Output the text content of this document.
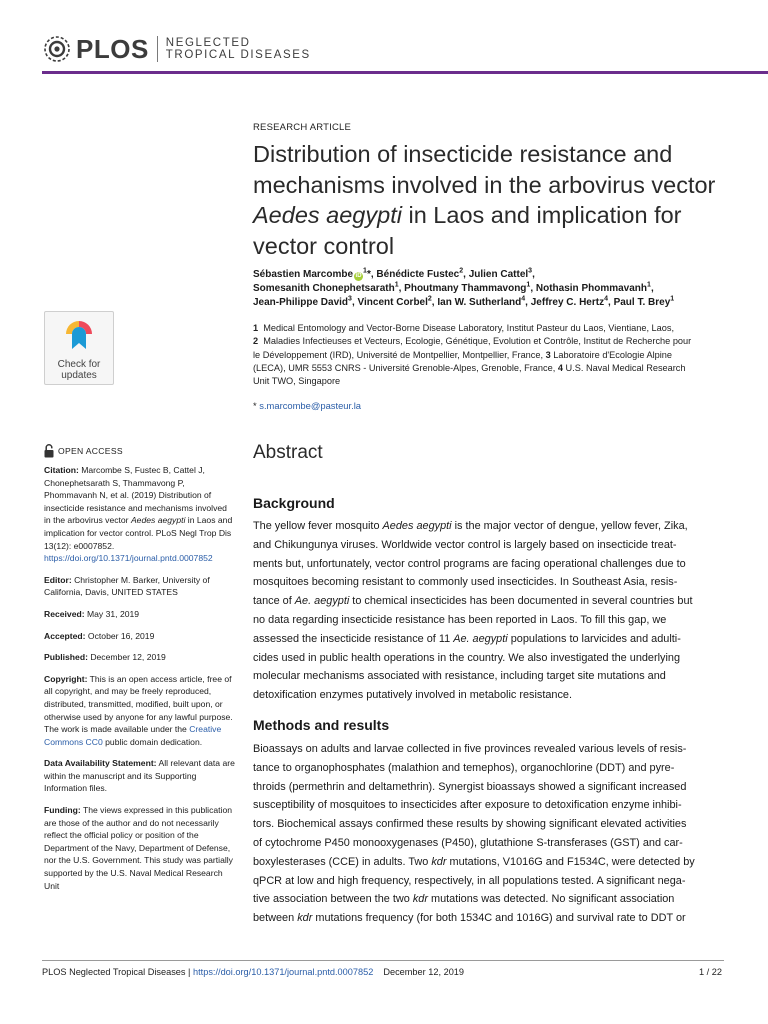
PLOS NEGLECTED
TROPICAL DISEASES
RESEARCH ARTICLE
Distribution of insecticide resistance and
mechanisms involved in the arbovirus vector
Aedes aegypti in Laos and implication for
vector control
Sébastien Marcombe $iD^1*$, Bénédicte Fustec$^2$, Julien Cattel$^3$,
Somesanith Chonephetsarath$^1$, Phoutmany Thammavong$^1$, Nothasin Phommavanh$^1$,
Jean-Philippe David$^3$, Vincent Corbel$^2$, Ian W. Sutherland$^4$, Jeffrey C. Hertz$^4$, Paul T. Brey$^1$
1 Medical Entomology and Vector-Borne Disease Laboratory, Institut Pasteur du Laos, Vientiane, Laos,
2 Maladies Infectieuses et Vecteurs, Ecologie, Génétique, Evolution et Contrôle, Institut de Recherche pour
le Développement (IRD), Université de Montpellier, Montpellier, France, 3 Laboratoire d'Ecologie Alpine
(LECA), UMR 5553 CNRS - Université Grenoble-Alpes, Grenoble, France, 4 U.S. Naval Medical Research
Unit TWO, Singapore
* s.marcombe@pasteur.la
Check for
updates
OPEN ACCESS

Citation: Marcombe S, Fustec B, Cattel J, Chonephetsarath S, Thammavong P, Phommavanh N, et al. (2019) Distribution of insecticide resistance and mechanisms involved in the arbovirus vector Aedes aegypti in Laos and implication for vector control. PLoS Negl Trop Dis 13(12): e0007852. https://doi.org/10.1371/journal.pntd.0007852

Editor: Christopher M. Barker, University of California, Davis, UNITED STATES

Received: May 31, 2019

Accepted: October 16, 2019

Published: December 12, 2019

Copyright: This is an open access article, free of all copyright, and may be freely reproduced, distributed, transmitted, modified, built upon, or otherwise used by anyone for any lawful purpose. The work is made available under the Creative Commons CC0 public domain dedication.

Data Availability Statement: All relevant data are within the manuscript and its Supporting Information files.

Funding: The views expressed in this publication are those of the author and do not necessarily reflect the official policy or position of the Department of the Navy, Department of Defense, nor the U.S. Government. This study was partially supported by the U.S. Naval Medical Research Unit

Abstract
Background
The yellow fever mosquito Aedes aegypti is the major vector of dengue, yellow fever, Zika,
and Chikungunya viruses. Worldwide vector control is largely based on insecticide treat-
ments but, unfortunately, vector control programs are facing operational challenges due to
mosquitoes becoming resistant to commonly used insecticides. In Southeast Asia, resis-
tance of Ae. aegypti to chemical insecticides has been documented in several countries but
no data regarding insecticide resistance has been reported in Laos. To fill this gap, we
assessed the insecticide resistance of 11 Ae. aegypti populations to larvicides and adulti-
cides used in public health operations in the country. We also investigated the underlying
molecular mechanisms associated with resistance, including target site mutations and
detoxification enzymes putatively involved in metabolic resistance.
Methods and results
Bioassays on adults and larvae collected in five provinces revealed various levels of resis-
tance to organophosphates (malathion and temephos), organochlorine (DDT) and pyre-
throids (permethrin and deltamethrin). Synergist bioassays showed a significant increased
susceptibility of mosquitoes to insecticides after exposure to detoxification enzyme inhibi-
tors. Biochemical assays confirmed these results by showing significant elevated activities
of cytochrome P450 monooxygenases (P450), glutathione S-transferases (GST) and car-
boxylesterases (CCE) in adults. Two kdr mutations, V1016G and F1534C, were detected by
qPCR at low and high frequency, respectively, in all populations tested. A significant nega-
tive association between the two kdr mutations was detected. No significant association
between kdr mutations frequency (for both 1534C and 1016G) and survival rate to DDT or
PLOS Neglected Tropical Diseases | https://doi.org/10.1371/journal.pntd.0007852 December 12, 2019	1 / 22
